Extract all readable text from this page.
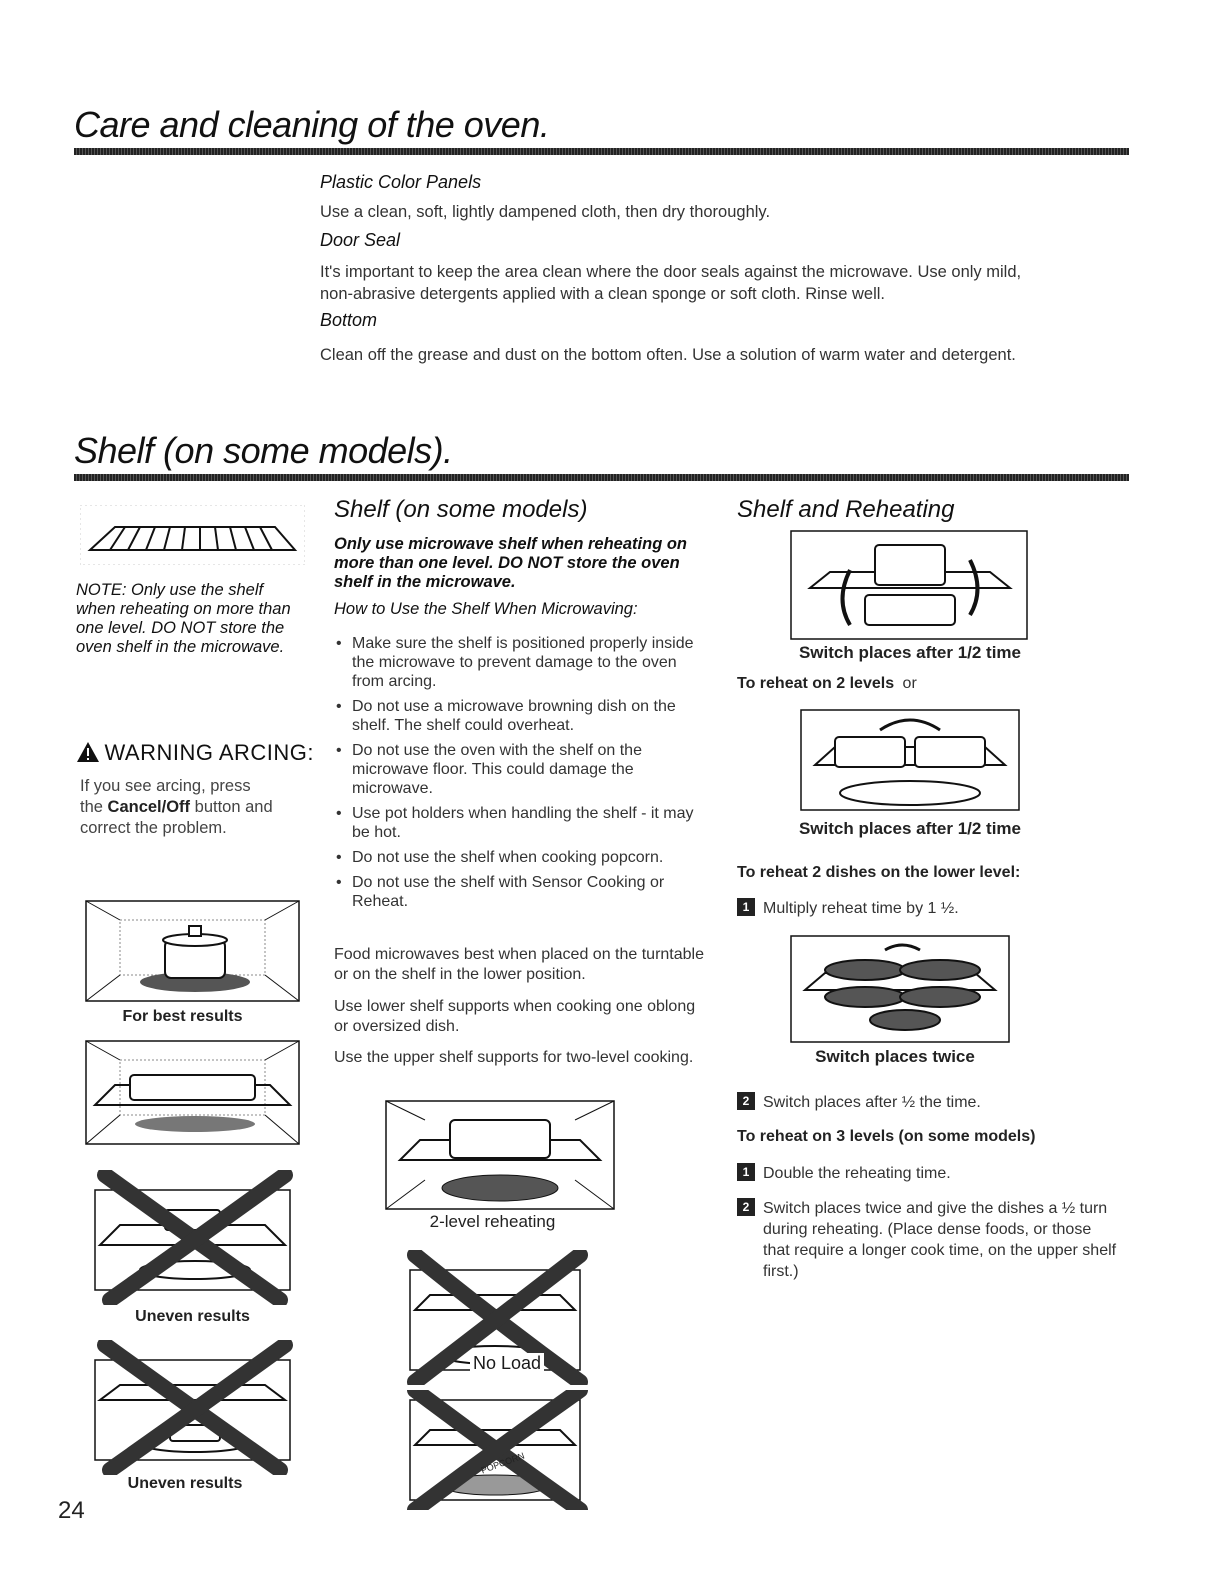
Care and cleaning of the oven.
Plastic Color Panels
Use a clean, soft, lightly dampened cloth, then dry thoroughly.
Door Seal
It's important to keep the area clean where the door seals against the microwave. Use only mild,
non-abrasive detergents applied with a clean sponge or soft cloth. Rinse well.
Bottom
Clean off the grease and dust on the bottom often. Use a solution of warm water and detergent.
Shelf (on some models).
NOTE: Only use the shelf when reheating on more than one level. DO NOT store the oven shelf in the microwave.
WARNING ARCING:
If you see arcing, press
the Cancel/Off button and
correct the problem.
For best results
Uneven results
Uneven results
24
Shelf (on some models)
Only use microwave shelf when reheating on more than one level. DO NOT store the oven shelf in the microwave.
How to Use the Shelf When Microwaving:
• Make sure the shelf is positioned properly inside the microwave to prevent damage to the oven from arcing.
• Do not use a microwave browning dish on the shelf. The shelf could overheat.
• Do not use the oven with the shelf on the microwave floor. This could damage the microwave.
• Use pot holders when handling the shelf - it may be hot.
• Do not use the shelf when cooking popcorn.
• Do not use the shelf with Sensor Cooking or Reheat.
Food microwaves best when placed on the turntable or on the shelf in the lower position.
Use lower shelf supports when cooking one oblong or oversized dish.
Use the upper shelf supports for two-level cooking.
2-level reheating
No Load
POPCORN
Shelf and Reheating
Switch places after 1/2 time
To reheat on 2 levels or
Switch places after 1/2 time
To reheat 2 dishes on the lower level:
1 Multiply reheat time by 1 ½.
Switch places twice
2 Switch places after ½ the time.
To reheat on 3 levels (on some models)
1 Double the reheating time.
2 Switch places twice and give the dishes a ½ turn during reheating. (Place dense foods, or those that require a longer cook time, on the upper shelf first.)
